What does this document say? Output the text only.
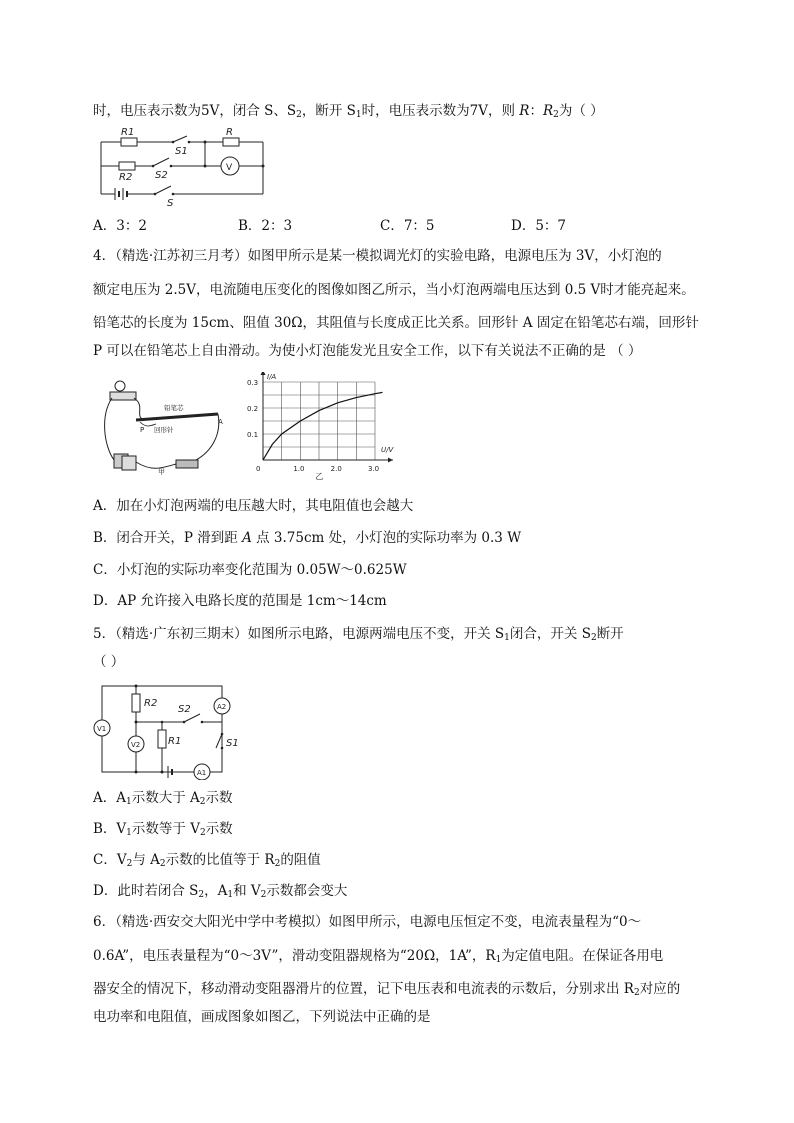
时，电压表示数为5V，闭合 S、$S_2$，断开 $S_1$时，电压表示数为7V，则 R：$R_2$为（ ）
R1
S1
R
R2 S2
V
S
A．3：2	B．2：3	C．7：5	D．5：7
4．（精选·江苏初三月考）如图甲所示是某一模拟调光灯的实验电路，电源电压为 3V，小灯泡的
额定电压为 2.5V，电流随电压变化的图像如图乙所示，当小灯泡两端电压达到 0.5 V时才能亮起来。
铅笔芯的长度为 15cm、阻值 30Ω，其阻值与长度成正比关系。回形针 A 固定在铅笔芯右端，回形针
P 可以在铅笔芯上自由滑动。为使小灯泡能发光且安全工作，以下有关说法不正确的是 （ ）
铅笔芯
回形针
P
A
甲	1.0	2.0	3.0
0.1
0.2
0.3
0
I/A
U/V
乙
A．加在小灯泡两端的电压越大时，其电阻值也会越大
B．闭合开关，P 滑到距 A 点 3.75cm 处，小灯泡的实际功率为 0.3 W
C．小灯泡的实际功率变化范围为 0.05W～0.625W
D．AP 允许接入电路长度的范围是 1cm～14cm
5．（精选·广东初三期末）如图所示电路，电源两端电压不变，开关 $S_1$闭合，开关 $S_2$断开
（ ）
R2
S2	A2
V1
V2	R1	S1
A1
A．$A_1$示数大于 $A_2$示数
B．$V_1$示数等于 $V_2$示数
C．$V_2$与 $A_2$示数的比值等于 $R_2$的阻值
D．此时若闭合 $S_2$，$A_1$和 $V_2$示数都会变大
6．（精选·西安交大阳光中学中考模拟）如图甲所示，电源电压恒定不变，电流表量程为“0～
0.6A”，电压表量程为“0～3V”，滑动变阻器规格为“20Ω，1A”，$R_1$为定值电阻。在保证各用电
器安全的情况下，移动滑动变阻器滑片的位置，记下电压表和电流表的示数后，分别求出 $R_2$对应的
电功率和电阻值，画成图象如图乙，下列说法中正确的是
